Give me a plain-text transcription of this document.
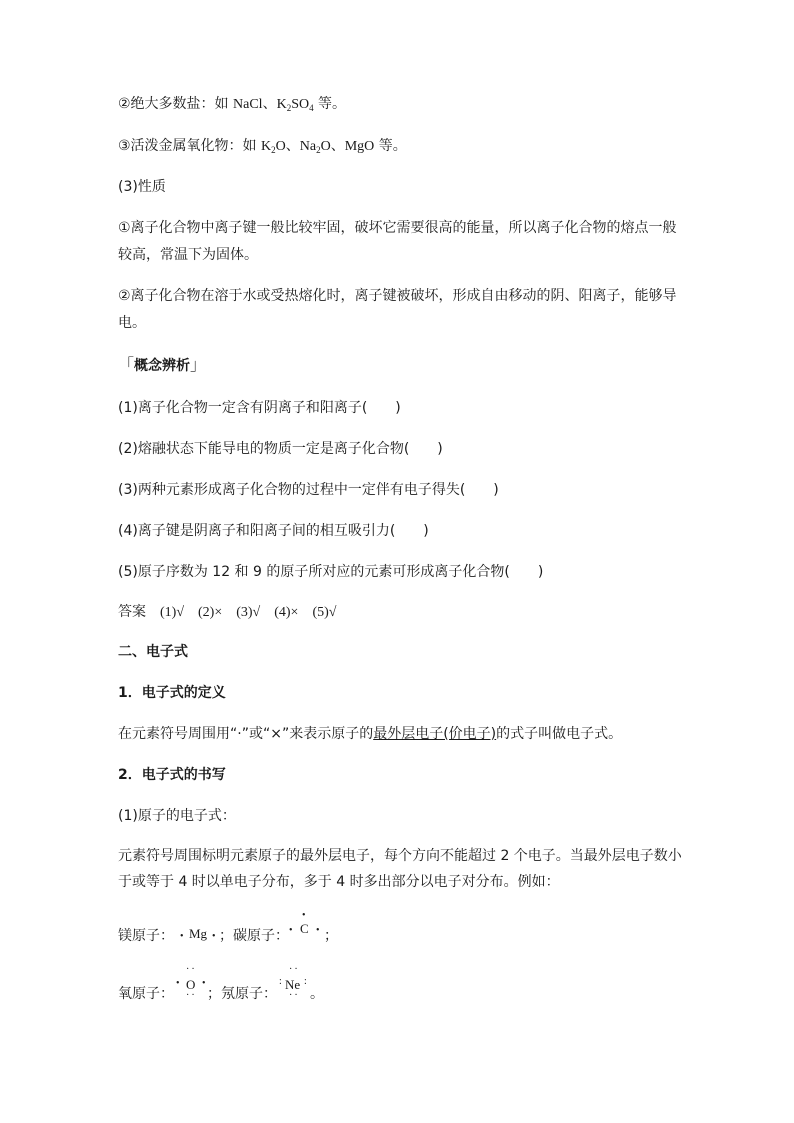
②绝大多数盐：如 NaCl、$K_2SO_4$ 等。
③活泼金属氧化物：如 $K_2O$、$Na_2O$、MgO 等。
(3)性质
①离子化合物中离子键一般比较牢固，破坏它需要很高的能量，所以离子化合物的熔点一般
较高，常温下为固体。
②离子化合物在溶于水或受热熔化时，离子键被破坏，形成自由移动的阴、阳离子，能够导
电。
「概念辨析」
(1)离子化合物一定含有阴离子和阳离子(　　)
(2)熔融状态下能导电的物质一定是离子化合物(　　)
(3)两种元素形成离子化合物的过程中一定伴有电子得失(　　)
(4)离子键是阴离子和阳离子间的相互吸引力(　　)
(5)原子序数为 12 和 9 的原子所对应的元素可形成离子化合物(　　)
答案　 (1)√　(2)×　(3)√　(4)×　(5)√
二、电子式
1．电子式的定义
在元素符号周围用“·”或“×”来表示原子的最外层电子(价电子)的式子叫做电子式。
2．电子式的书写
(1)原子的电子式：
元素符号周围标明元素原子的最外层电子，每个方向不能超过 2 个电子。当最外层电子数小
于或等于 4 时以单电子分布，多于 4 时多出部分以电子对分布。例如：
镁原子： • Mg • ；碳原子：
•
• C • ；
氧原子：
··
• O •
·· ；氖原子：
··
: Ne :
·· 。
